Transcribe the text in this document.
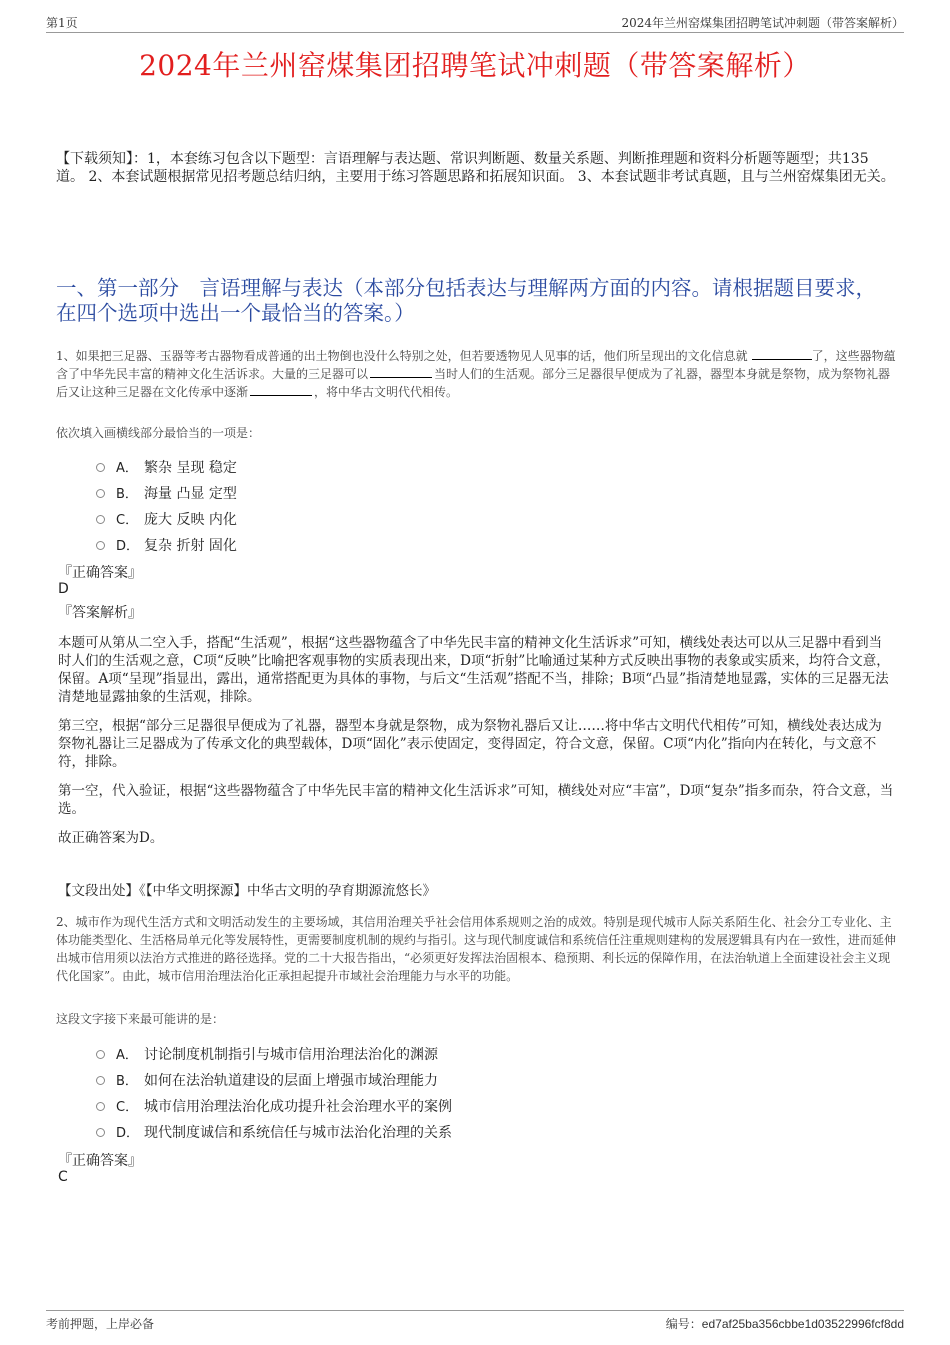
第1页	2024年兰州窑煤集团招聘笔试冲刺题（带答案解析）
2024年兰州窑煤集团招聘笔试冲刺题（带答案解析）
【下载须知】：1，本套练习包含以下题型：言语理解与表达题、常识判断题、数量关系题、判断推理题和资料分析题等题型；共135道。 2、本套试题根据常见招考题总结归纳，主要用于练习答题思路和拓展知识面。 3、本套试题非考试真题，且与兰州窑煤集团无关。
一、第一部分　言语理解与表达（本部分包括表达与理解两方面的内容。请根据题目要求，在四个选项中选出一个最恰当的答案。）
1、如果把三足器、玉器等考古器物看成普通的出土物倒也没什么特别之处，但若要透物见人见事的话，他们所呈现出的文化信息就	了，这些器物蕴含了中华先民丰富的精神文化生活诉求。大量的三足器可以	当时人们的生活观。部分三足器很早便成为了礼器，器型本身就是祭物，成为祭物礼器后又让这种三足器在文化传承中逐渐	，将中华古文明代代相传。
依次填入画横线部分最恰当的一项是：
A． 繁杂 呈现 稳定
B． 海量 凸显 定型
C． 庞大 反映 内化
D． 复杂 折射 固化
『正确答案』
D
『答案解析』

本题可从第从二空入手，搭配“生活观”，根据“这些器物蕴含了中华先民丰富的精神文化生活诉求”可知，横线处表达可以从三足器中看到当时人们的生活观之意，C项“反映”比喻把客观事物的实质表现出来，D项“折射”比喻通过某种方式反映出事物的表象或实质来，均符合文意，保留。A项“呈现”指显出，露出，通常搭配更为具体的事物，与后文“生活观”搭配不当，排除；B项“凸显”指清楚地显露，实体的三足器无法清楚地显露抽象的生活观，排除。

第三空，根据“部分三足器很早便成为了礼器，器型本身就是祭物，成为祭物礼器后又让……将中华古文明代代相传”可知，横线处表达成为祭物礼器让三足器成为了传承文化的典型载体，D项“固化”表示使固定，变得固定，符合文意，保留。C项“内化”指向内在转化，与文意不符，排除。

第一空，代入验证，根据“这些器物蕴含了中华先民丰富的精神文化生活诉求”可知，横线处对应“丰富”，D项“复杂”指多而杂，符合文意，当选。

故正确答案为D。

【文段出处】《【中华文明探源】中华古文明的孕育期源流悠长》
2、城市作为现代生活方式和文明活动发生的主要场域，其信用治理关乎社会信用体系规则之治的成效。特别是现代城市人际关系陌生化、社会分工专业化、主体功能类型化、生活格局单元化等发展特性，更需要制度机制的规约与指引。这与现代制度诚信和系统信任注重规则建构的发展逻辑具有内在一致性，进而延伸出城市信用须以法治方式推进的路径选择。党的二十大报告指出，“必须更好发挥法治固根本、稳预期、利长远的保障作用，在法治轨道上全面建设社会主义现代化国家”。由此，城市信用治理法治化正承担起提升市域社会治理能力与水平的功能。
这段文字接下来最可能讲的是：
A． 讨论制度机制指引与城市信用治理法治化的渊源
B． 如何在法治轨道建设的层面上增强市域治理能力
C． 城市信用治理法治化成功提升社会治理水平的案例
D． 现代制度诚信和系统信任与城市法治化治理的关系
『正确答案』
C
考前押题，上岸必备	编号：ed7af25ba356cbbe1d03522996fcf8dd
